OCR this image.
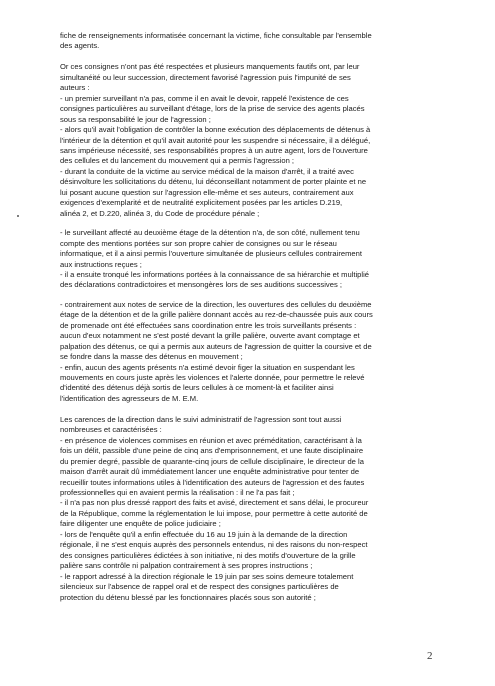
fiche de renseignements informatisée concernant la victime, fiche consultable par l'ensemble

des agents.

Or ces consignes n'ont pas été respectées et plusieurs manquements fautifs ont, par leur

simultanéité ou leur succession, directement favorisé l'agression puis l'impunité de ses

auteurs :

- un premier surveillant n'a pas, comme il en avait le devoir, rappelé l'existence de ces

consignes particulières au surveillant d'étage, lors de la prise de service des agents placés

sous sa responsabilité le jour de l'agression ;

- alors qu'il avait l'obligation de contrôler la bonne exécution des déplacements de détenus à

l'intérieur de la détention et qu'il avait autorité pour les suspendre si nécessaire, il a délégué,

sans impérieuse nécessité, ses responsabilités propres à un autre agent, lors de l'ouverture

des cellules et du lancement du mouvement qui a permis l'agression ;

- durant la conduite de la victime au service médical de la maison d'arrêt, il a traité avec

désinvolture les sollicitations du détenu, lui déconseillant notamment de porter plainte et ne

lui posant aucune question sur l'agression elle-même et ses auteurs, contrairement aux

exigences d'exemplarité et de neutralité explicitement posées par les articles D.219,

alinéa 2, et D.220, alinéa 3, du Code de procédure pénale ;

- le surveillant affecté au deuxième étage de la détention n'a, de son côté, nullement tenu

compte des mentions portées sur son propre cahier de consignes ou sur le réseau

informatique, et il a ainsi permis l'ouverture simultanée de plusieurs cellules contrairement

aux instructions reçues ;

- il a ensuite tronqué les informations portées à la connaissance de sa hiérarchie et multiplié

des déclarations contradictoires et mensongères lors de ses auditions successives ;

- contrairement aux notes de service de la direction, les ouvertures des cellules du deuxième

étage de la détention et de la grille palière donnant accès au rez-de-chaussée puis aux cours

de promenade ont été effectuées sans coordination entre les trois surveillants présents :

aucun d'eux notamment ne s'est posté devant la grille palière, ouverte avant comptage et

palpation des détenus, ce qui a permis aux auteurs de l'agression de quitter la coursive et de

se fondre dans la masse des détenus en mouvement ;

- enfin, aucun des agents présents n'a estimé devoir figer la situation en suspendant les

mouvements en cours juste après les violences et l'alerte donnée, pour permettre le relevé

d'identité des détenus déjà sortis de leurs cellules à ce moment-là et faciliter ainsi

l'identification des agresseurs de M. E.M.

Les carences de la direction dans le suivi administratif de l'agression sont tout aussi

nombreuses et caractérisées :

- en présence de violences commises en réunion et avec préméditation, caractérisant à la

fois un délit, passible d'une peine de cinq ans d'emprisonnement, et une faute disciplinaire

du premier degré, passible de quarante-cinq jours de cellule disciplinaire, le directeur de la

maison d'arrêt aurait dû immédiatement lancer une enquête administrative pour tenter de

recueillir toutes informations utiles à l'identification des auteurs de l'agression et des fautes

professionnelles qui en avaient permis la réalisation : il ne l'a pas fait ;

- il n'a pas non plus dressé rapport des faits et avisé, directement et sans délai, le procureur

de la République, comme la réglementation le lui impose, pour permettre à cette autorité de

faire diligenter une enquête de police judiciaire ;

- lors de l'enquête qu'il a enfin effectuée du 16 au 19 juin à la demande de la direction

régionale, il ne s'est enquis auprès des personnels entendus, ni des raisons du non-respect

des consignes particulières édictées à son initiative, ni des motifs d'ouverture de la grille

palière sans contrôle ni palpation contrairement à ses propres instructions ;

- le rapport adressé à la direction régionale le 19 juin par ses soins demeure totalement

silencieux sur l'absence de rappel oral et de respect des consignes particulières de

protection du détenu blessé par les fonctionnaires placés sous son autorité ;

2
